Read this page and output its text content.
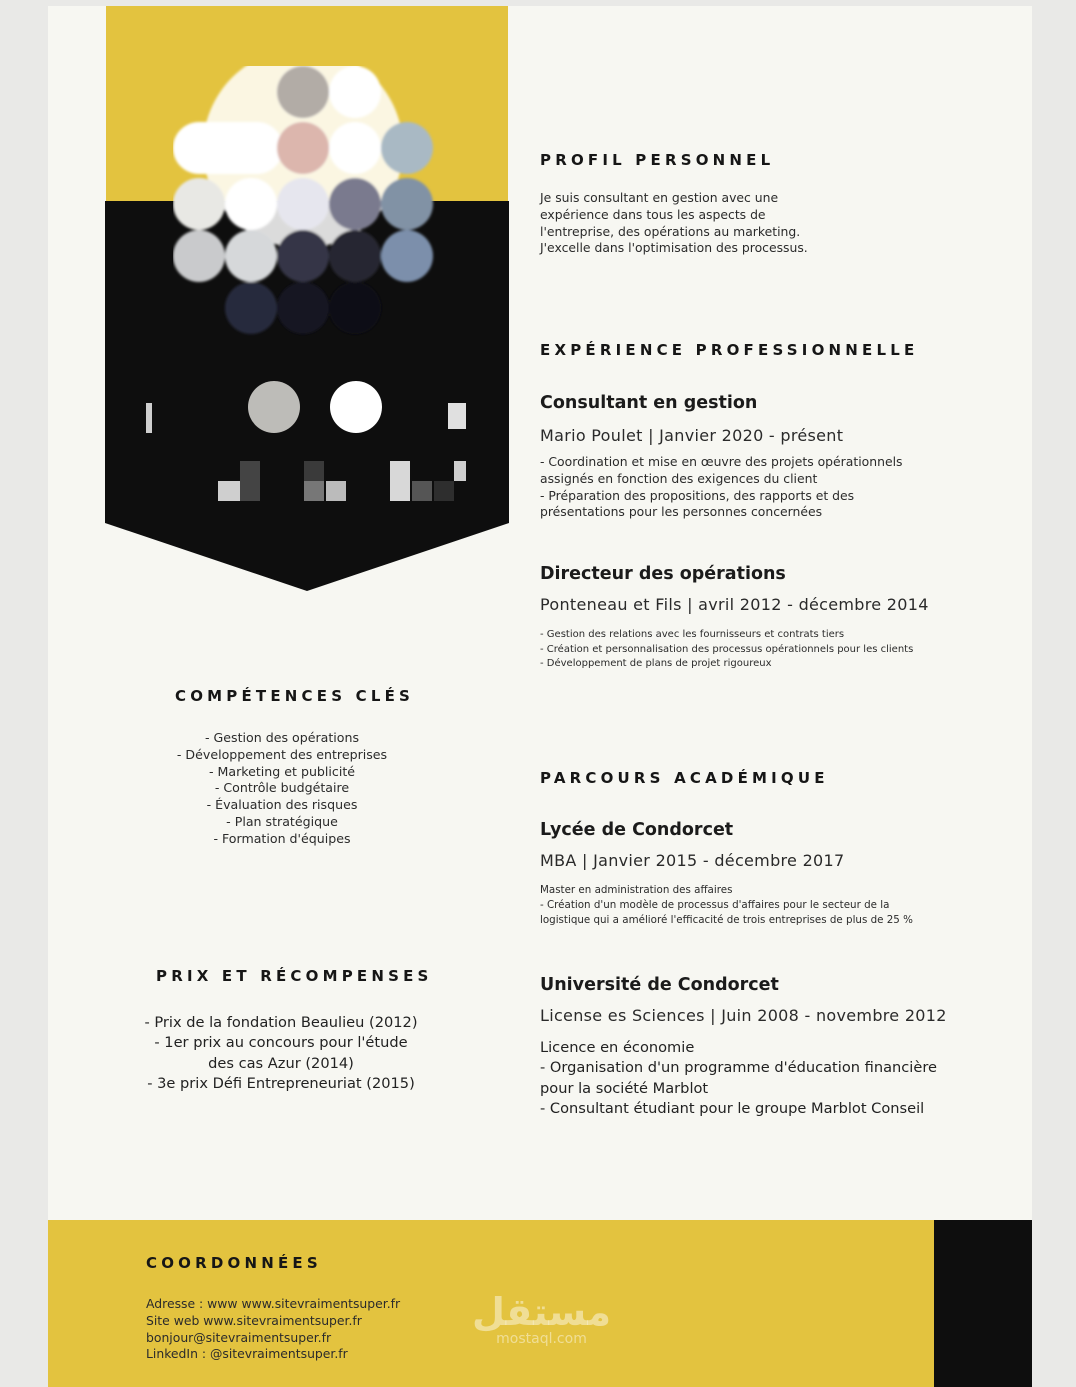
PROFIL PERSONNEL

Je suis consultant en gestion avec une
expérience dans tous les aspects de
l'entreprise, des opérations au marketing.
J'excelle dans l'optimisation des processus.

EXPÉRIENCE PROFESSIONNELLE
Consultant en gestion

Mario Poulet | Janvier 2020 - présent

- Coordination et mise en œuvre des projets opérationnels
assignés en fonction des exigences du client
- Préparation des propositions, des rapports et des
présentations pour les personnes concernées

Directeur des opérations

Ponteneau et Fils | avril 2012 - décembre 2014

- Gestion des relations avec les fournisseurs et contrats tiers
- Création et personnalisation des processus opérationnels pour les clients
- Développement de plans de projet rigoureux

PARCOURS ACADÉMIQUE
Lycée de Condorcet

MBA | Janvier 2015 - décembre 2017

Master en administration des affaires
- Création d'un modèle de processus d'affaires pour le secteur de la
logistique qui a amélioré l'efficacité de trois entreprises de plus de 25 %

Université de Condorcet

License es Sciences | Juin 2008 - novembre 2012

Licence en économie
- Organisation d'un programme d'éducation financière
pour la société Marblot
- Consultant étudiant pour le groupe Marblot Conseil

COMPÉTENCES CLÉS

- Gestion des opérations
- Développement des entreprises
- Marketing et publicité
- Contrôle budgétaire
- Évaluation des risques
- Plan stratégique
- Formation d'équipes

PRIX ET RÉCOMPENSES

- Prix de la fondation Beaulieu (2012)
- 1er prix au concours pour l'étude
des cas Azur (2014)
- 3e prix Défi Entrepreneuriat (2015)

COORDONNÉES

Adresse : www www.sitevraimentsuper.fr
Site web www.sitevraimentsuper.fr
bonjour@sitevraimentsuper.fr
LinkedIn : @sitevraimentsuper.fr

مستقل
mostaql.com
